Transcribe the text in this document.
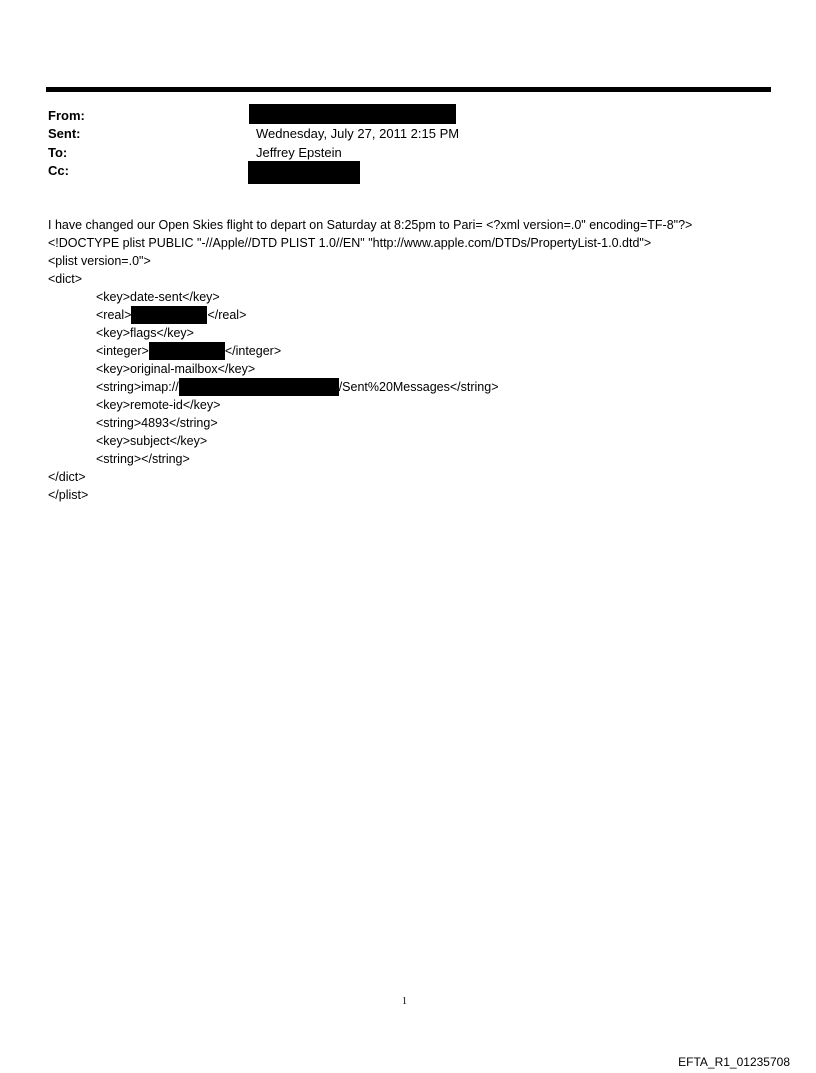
From:
Sent:	Wednesday, July 27, 2011 2:15 PM
To:	Jeffrey Epstein
Cc:
I have changed our Open Skies flight to depart on Saturday at 8:25pm to Pari= <?xml version=.0" encoding=TF-8"?>
<!DOCTYPE plist PUBLIC "-//Apple//DTD PLIST 1.0//EN" "http://www.apple.com/DTDs/PropertyList-1.0.dtd">
<plist version=.0">
<dict>
<key>date-sent</key>
<real>	</real>
<key>flags</key>
<integer>	</integer>
<key>original-mailbox</key>
<string>imap://	/Sent%20Messages</string>
<key>remote-id</key>
<string>4893</string>
<key>subject</key>
<string></string>
</dict>
</plist>
1
EFTA_R1_01235708
